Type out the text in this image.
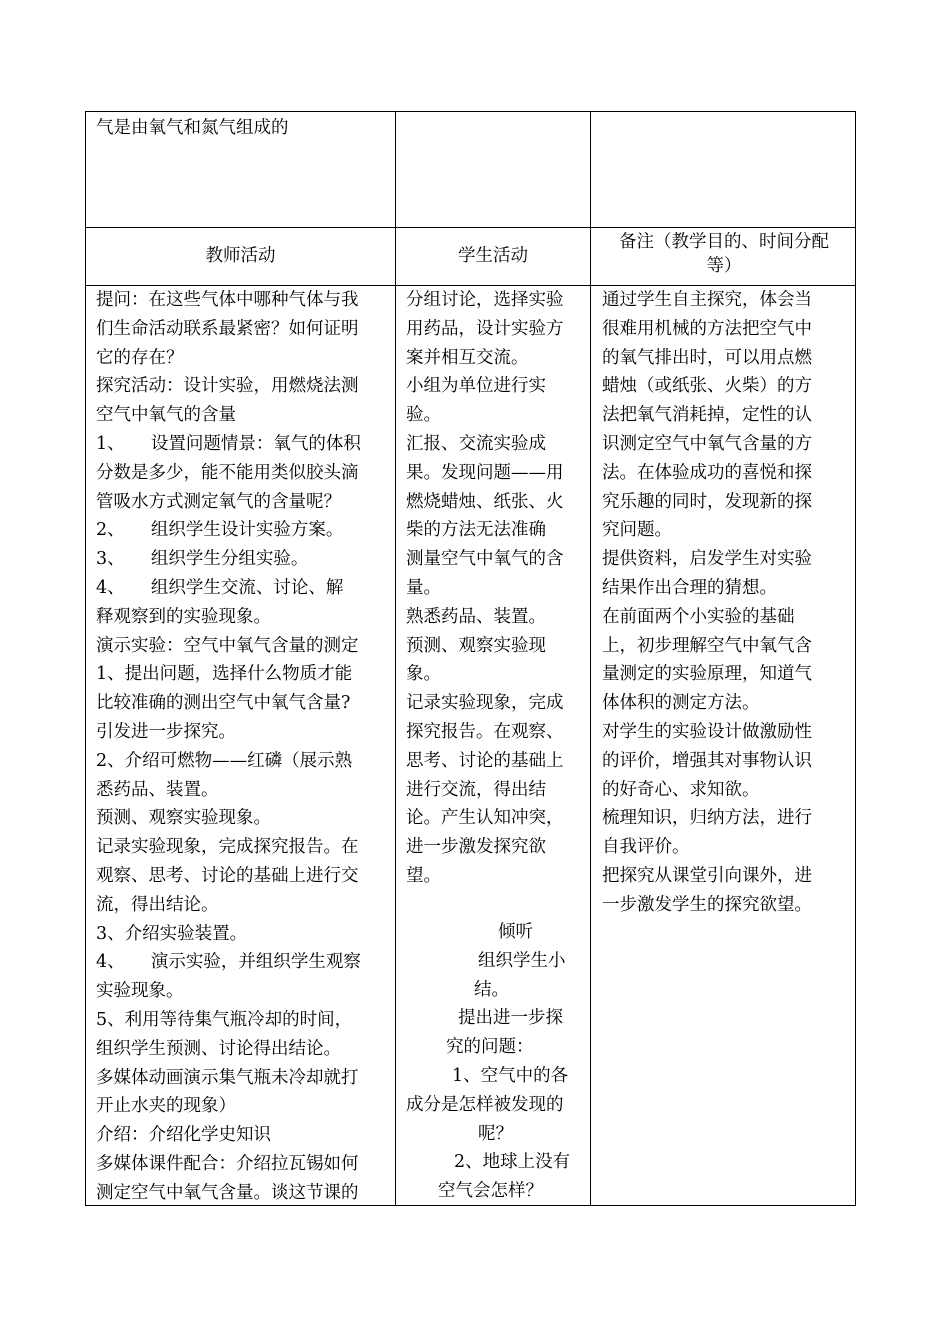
气是由氧气和氮气组成的
教师活动	学生活动
备注（教学目的、时间分配
等）
提问：在这些气体中哪种气体与我
们生命活动联系最紧密？如何证明
它的存在？
探究活动：设计实验，用燃烧法测
空气中氧气的含量
1、　　设置问题情景：氧气的体积
分数是多少，能不能用类似胶头滴
管吸水方式测定氧气的含量呢？
2、　　组织学生设计实验方案。
3、　　组织学生分组实验。
4、　　组织学生交流、讨论、解
释观察到的实验现象。
演示实验：空气中氧气含量的测定
1、提出问题，选择什么物质才能
比较准确的测出空气中氧气含量?
引发进一步探究。
2、介绍可燃物——红磷（展示熟
悉药品、装置。
预测、观察实验现象。
记录实验现象，完成探究报告。在
观察、思考、讨论的基础上进行交
流，得出结论。
3、介绍实验装置。
4、　　演示实验，并组织学生观察
实验现象。
5、利用等待集气瓶冷却的时间，
组织学生预测、讨论得出结论。
多媒体动画演示集气瓶未冷却就打
开止水夹的现象）
介绍：介绍化学史知识
多媒体课件配合：介绍拉瓦锡如何
测定空气中氧气含量。谈这节课的
分组讨论，选择实验
用药品，设计实验方
案并相互交流。
小组为单位进行实
验。
汇报、交流实验成
果。发现问题——用
燃烧蜡烛、纸张、火
柴的方法无法准确
测量空气中氧气的含
量。
熟悉药品、装置。
预测、观察实验现
象。
记录实验现象，完成
探究报告。在观察、
思考、讨论的基础上
进行交流，得出结
论。产生认知冲突，
进一步激发探究欲
望。
倾听
组织学生小
结。
提出进一步探
究的问题：
1、空气中的各
成分是怎样被发现的
呢？
2、地球上没有
空气会怎样？
通过学生自主探究，体会当
很难用机械的方法把空气中
的氧气排出时，可以用点燃
蜡烛（或纸张、火柴）的方
法把氧气消耗掉，定性的认
识测定空气中氧气含量的方
法。在体验成功的喜悦和探
究乐趣的同时，发现新的探
究问题。
提供资料，启发学生对实验
结果作出合理的猜想。
在前面两个小实验的基础
上，初步理解空气中氧气含
量测定的实验原理，知道气
体体积的测定方法。
对学生的实验设计做激励性
的评价，增强其对事物认识
的好奇心、求知欲。
梳理知识，归纳方法，进行
自我评价。
把探究从课堂引向课外，进
一步激发学生的探究欲望。
